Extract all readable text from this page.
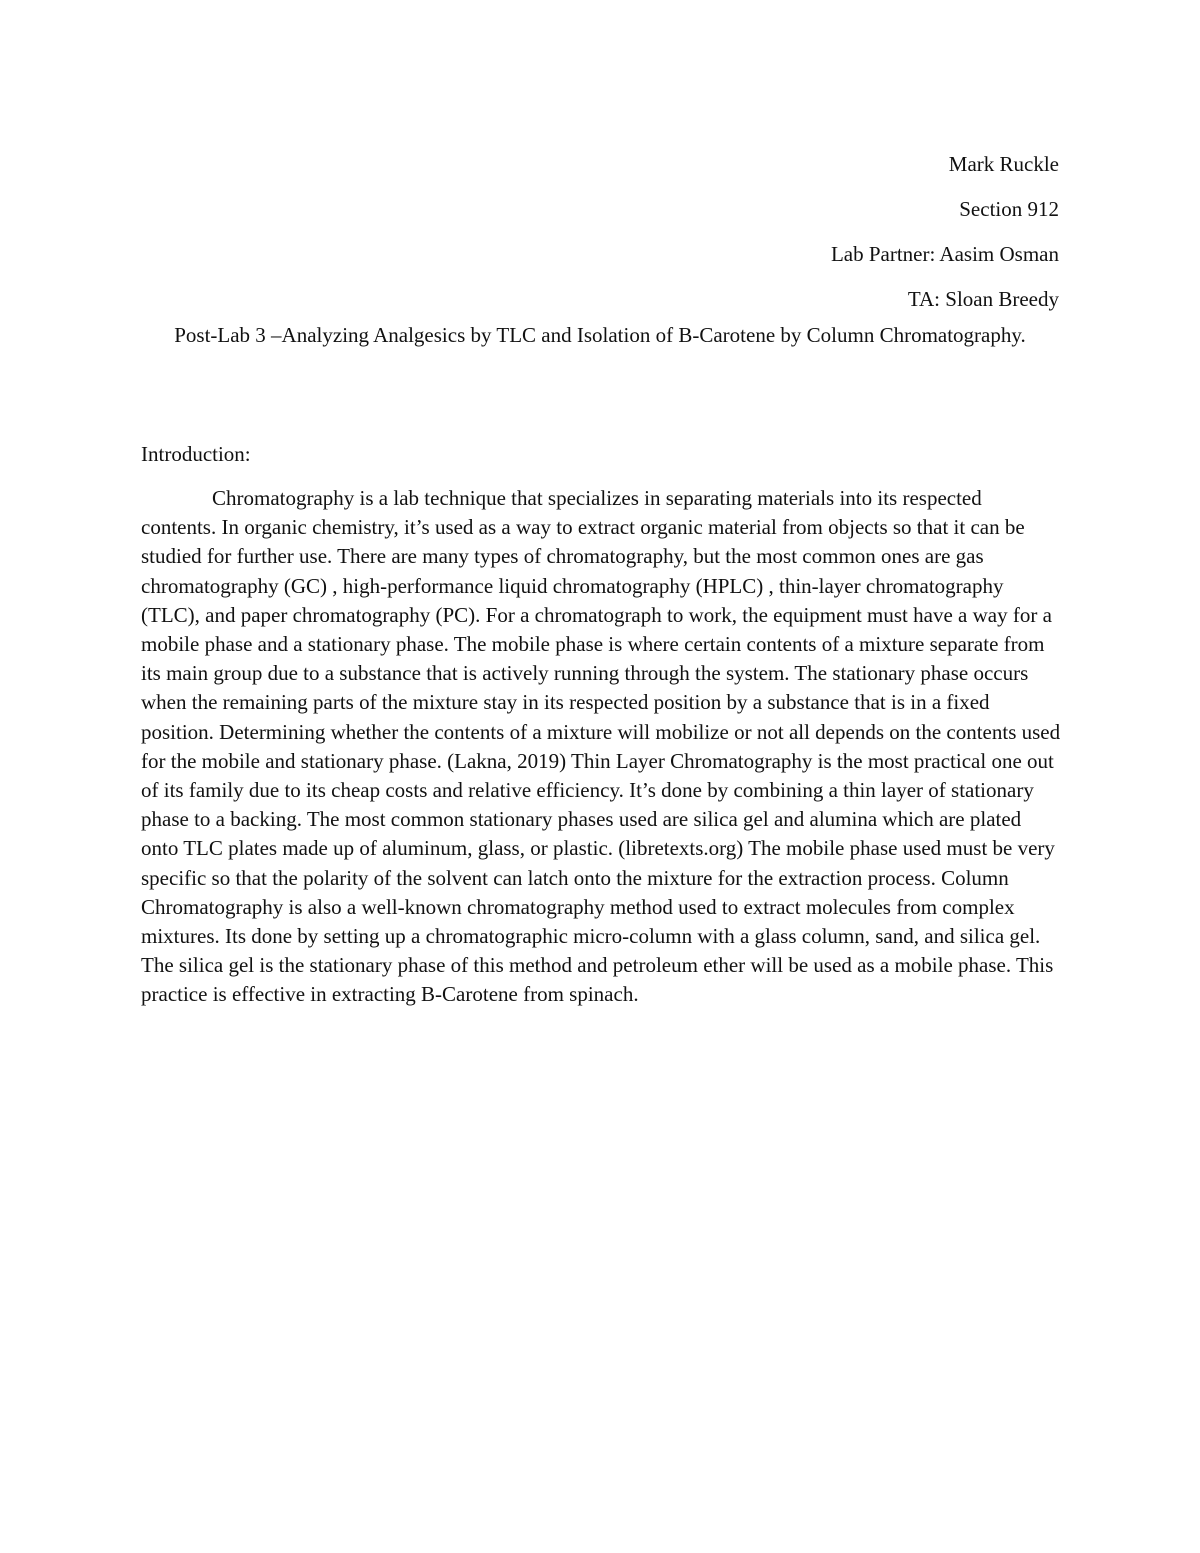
Mark Ruckle
Section 912
Lab Partner: Aasim Osman
TA: Sloan Breedy
Post-Lab 3 –Analyzing Analgesics by TLC and Isolation of B-Carotene by Column Chromatography.
Introduction:

Chromatography is a lab technique that specializes in separating materials into its respected contents. In organic chemistry, it’s used as a way to extract organic material from objects so that it can be studied for further use. There are many types of chromatography, but the most common ones are gas chromatography (GC) , high-performance liquid chromatography (HPLC) , thin-layer chromatography (TLC), and paper chromatography (PC). For a chromatograph to work, the equipment must have a way for a mobile phase and a stationary phase. The mobile phase is where certain contents of a mixture separate from its main group due to a substance that is actively running through the system. The stationary phase occurs when the remaining parts of the mixture stay in its respected position by a substance that is in a fixed position. Determining whether the contents of a mixture will mobilize or not all depends on the contents used for the mobile and stationary phase. (Lakna, 2019) Thin Layer Chromatography is the most practical one out of its family due to its cheap costs and relative efficiency. It’s done by combining a thin layer of stationary phase to a backing. The most common stationary phases used are silica gel and alumina which are plated onto TLC plates made up of aluminum, glass, or plastic. (libretexts.org) The mobile phase used must be very specific so that the polarity of the solvent can latch onto the mixture for the extraction process. Column Chromatography is also a well-known chromatography method used to extract molecules from complex mixtures. Its done by setting up a chromatographic micro-column with a glass column, sand, and silica gel. The silica gel is the stationary phase of this method and petroleum ether will be used as a mobile phase. This practice is effective in extracting B-Carotene from spinach.
